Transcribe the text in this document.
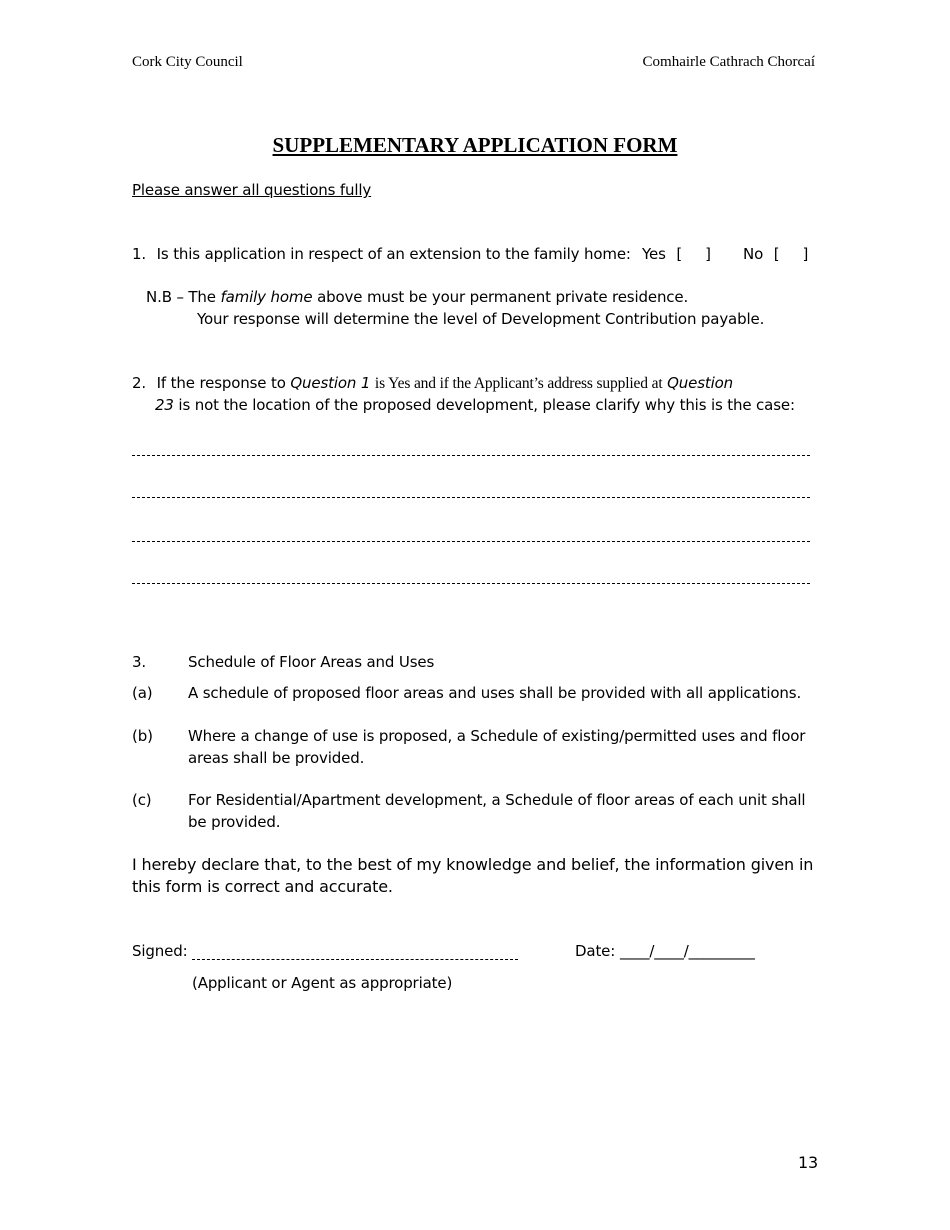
Cork City Council	Comhairle Cathrach Chorcaí
SUPPLEMENTARY APPLICATION FORM
Please answer all questions fully
1. Is this application in respect of an extension to the family home: Yes [     ] No [     ]
N.B – The family home above must be your permanent private residence.
Your response will determine the level of Development Contribution payable.
2. If the response to Question 1 is Yes and if the Applicant’s address supplied at Question
23 is not the location of the proposed development, please clarify why this is the case:
3.	Schedule of Floor Areas and Uses
(a) A schedule of proposed floor areas and uses shall be provided with all applications.
(b) Where a change of use is proposed, a Schedule of existing/permitted uses and floor
areas shall be provided.
(c) For Residential/Apartment development, a Schedule of floor areas of each unit shall
be provided.
I hereby declare that, to the best of my knowledge and belief, the information given in
this form is correct and accurate.
Signed:	Date: ____/____/_________
(Applicant or Agent as appropriate)
13
